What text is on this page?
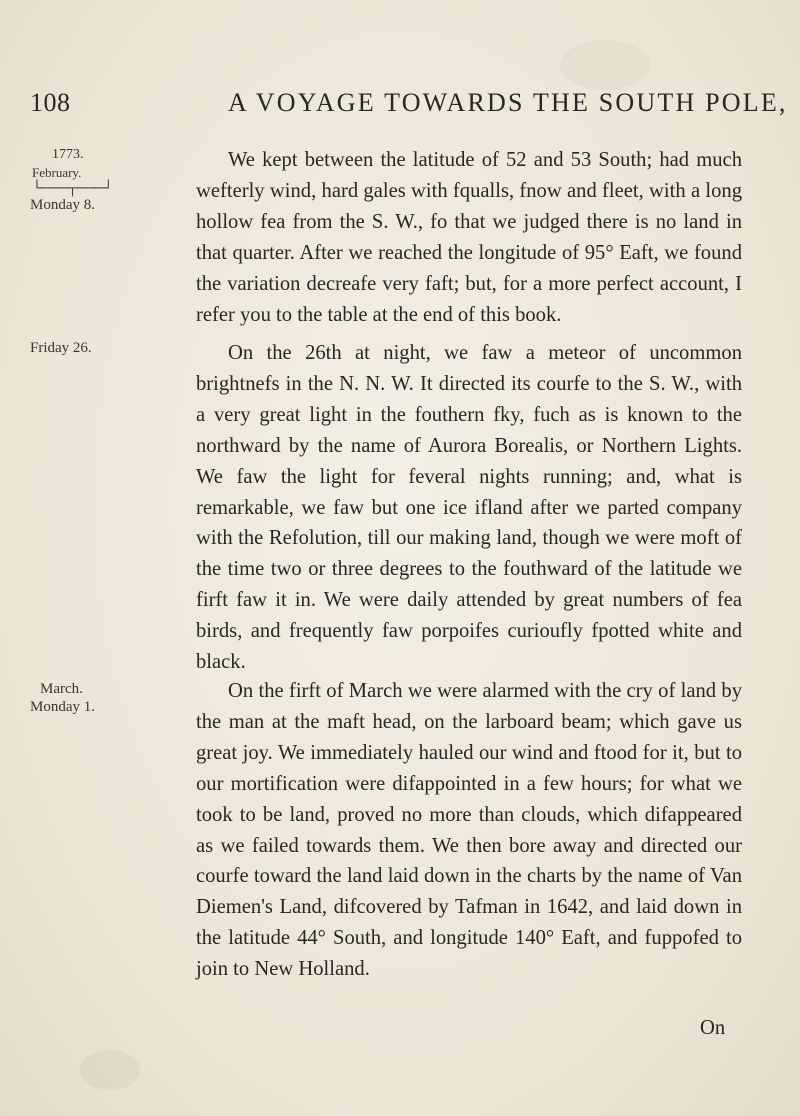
108	A VOYAGE TOWARDS THE SOUTH POLE,
1773.
February.
└───┬───┘
Monday 8.
Friday 26.
March.
Monday 1.

We kept between the latitude of 52 and 53 South; had much wefterly wind, hard gales with fqualls, fnow and fleet, with a long hollow fea from the S. W., fo that we judged there is no land in that quarter. After we reached the longitude of 95° Eaft, we found the variation decreafe very faft; but, for a more perfect account, I refer you to the table at the end of this book.

On the 26th at night, we faw a meteor of uncommon brightnefs in the N. N. W. It directed its courfe to the S. W., with a very great light in the fouthern fky, fuch as is known to the northward by the name of Aurora Borealis, or Northern Lights. We faw the light for feveral nights running; and, what is remarkable, we faw but one ice ifland after we parted company with the Refolution, till our making land, though we were moft of the time two or three degrees to the fouthward of the latitude we firft faw it in. We were daily attended by great numbers of fea birds, and frequently faw porpoifes curioufly fpotted white and black.

On the firft of March we were alarmed with the cry of land by the man at the maft head, on the larboard beam; which gave us great joy. We immediately hauled our wind and ftood for it, but to our mortification were difappointed in a few hours; for what we took to be land, proved no more than clouds, which difappeared as we failed towards them. We then bore away and directed our courfe toward the land laid down in the charts by the name of Van Diemen's Land, difcovered by Tafman in 1642, and laid down in the latitude 44° South, and longitude 140° Eaft, and fuppofed to join to New Holland.

On
